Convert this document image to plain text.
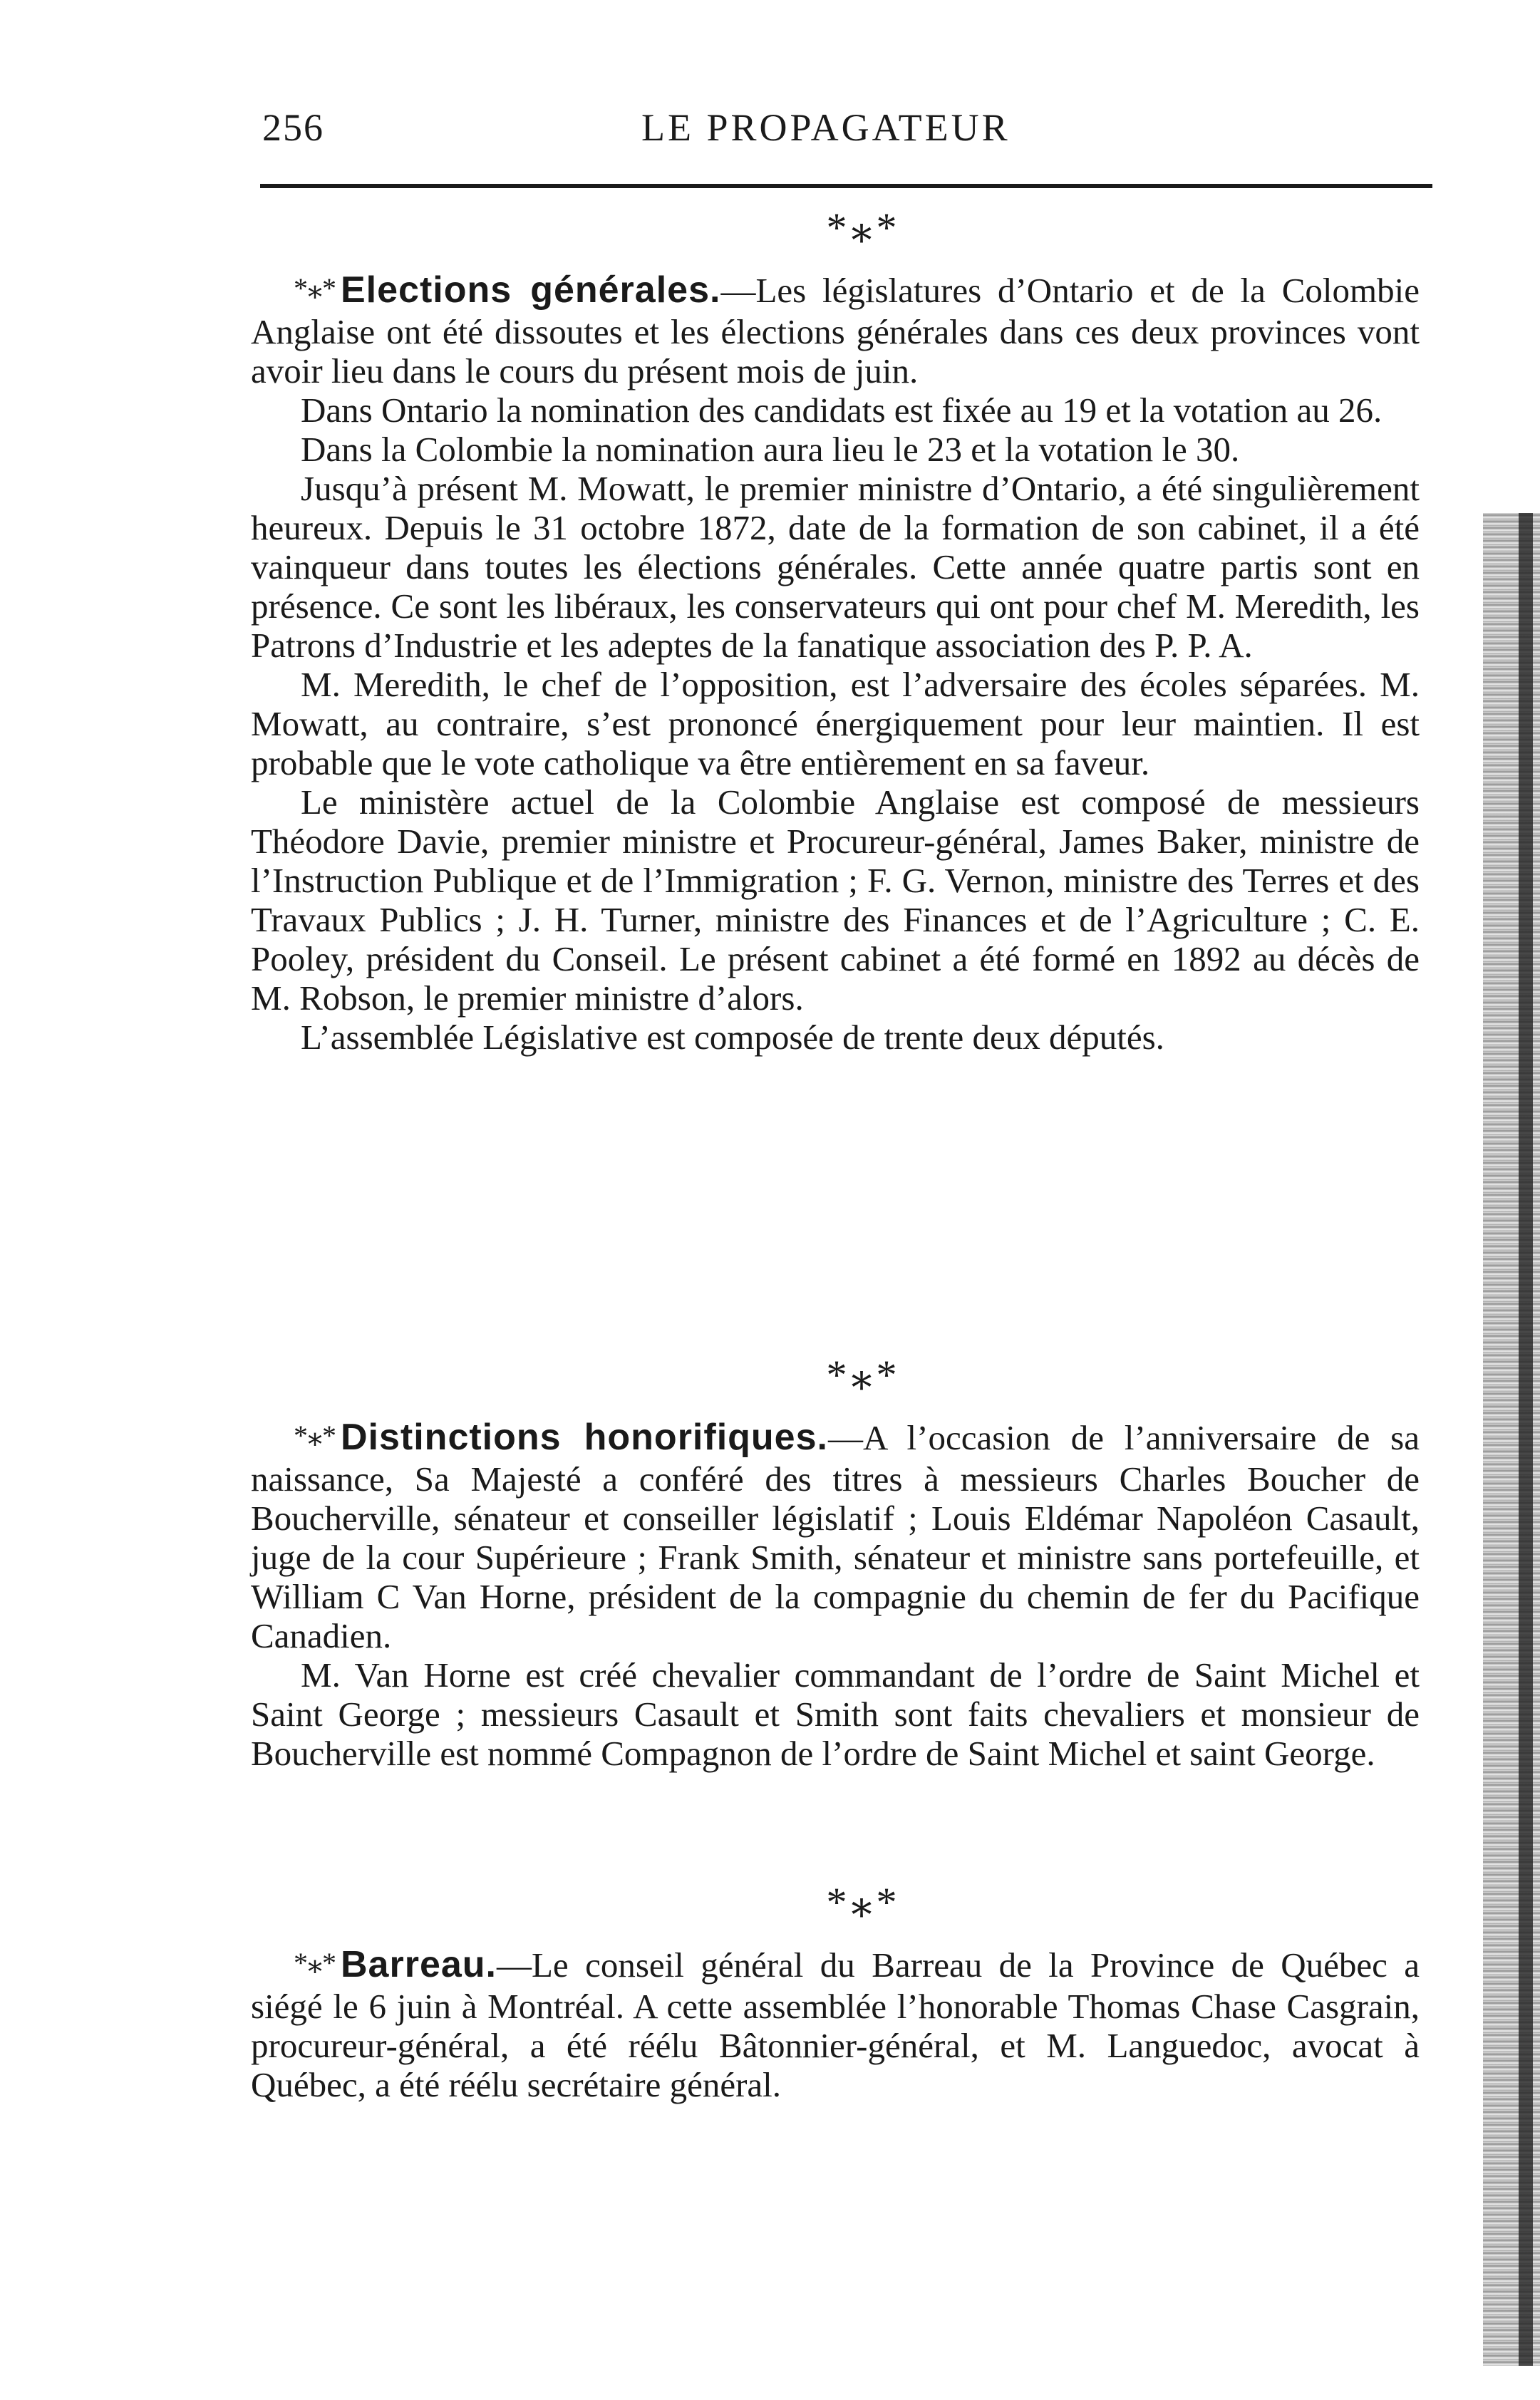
256	LE PROPAGATEUR
*⁎*

*⁎* Elections générales.—Les législatures d’Ontario et de la Colombie Anglaise ont été dissoutes et les élections générales dans ces deux provinces vont avoir lieu dans le cours du présent mois de juin.

Dans Ontario la nomination des candidats est fixée au 19 et la votation au 26.

Dans la Colombie la nomination aura lieu le 23 et la votation le 30.

Jusqu’à présent M. Mowatt, le premier ministre d’Ontario, a été singulièrement heureux. Depuis le 31 octobre 1872, date de la formation de son cabinet, il a été vainqueur dans toutes les élections générales. Cette année quatre partis sont en présence. Ce sont les libéraux, les conservateurs qui ont pour chef M. Meredith, les Patrons d’Industrie et les adeptes de la fanatique association des P. P. A.

M. Meredith, le chef de l’opposition, est l’adversaire des écoles séparées. M. Mowatt, au contraire, s’est prononcé énergiquement pour leur maintien. Il est probable que le vote catholique va être entièrement en sa faveur.

Le ministère actuel de la Colombie Anglaise est composé de messieurs Théodore Davie, premier ministre et Procureur-général, James Baker, ministre de l’Instruction Publique et de l’Immigration ; F. G. Vernon, ministre des Terres et des Travaux Publics ; J. H. Turner, ministre des Finances et de l’Agriculture ; C. E. Pooley, président du Conseil. Le présent cabinet a été formé en 1892 au décès de M. Robson, le premier ministre d’alors.

L’assemblée Législative est composée de trente deux députés.

*⁎*

*⁎* Distinctions honorifiques.—A l’occasion de l’anniversaire de sa naissance, Sa Majesté a conféré des titres à messieurs Charles Boucher de Boucherville, sénateur et conseiller législatif ; Louis Eldémar Napoléon Casault, juge de la cour Supérieure ; Frank Smith, sénateur et ministre sans portefeuille, et William C Van Horne, président de la compagnie du chemin de fer du Pacifique Canadien.

M. Van Horne est créé chevalier commandant de l’ordre de Saint Michel et Saint George ; messieurs Casault et Smith sont faits chevaliers et monsieur de Boucherville est nommé Compagnon de l’ordre de Saint Michel et saint George.

*⁎*

*⁎* Barreau.—Le conseil général du Barreau de la Province de Québec a siégé le 6 juin à Montréal. A cette assemblée l’honorable Thomas Chase Casgrain, procureur-général, a été réélu Bâtonnier-général, et M. Languedoc, avocat à Québec, a été réélu secrétaire général.
